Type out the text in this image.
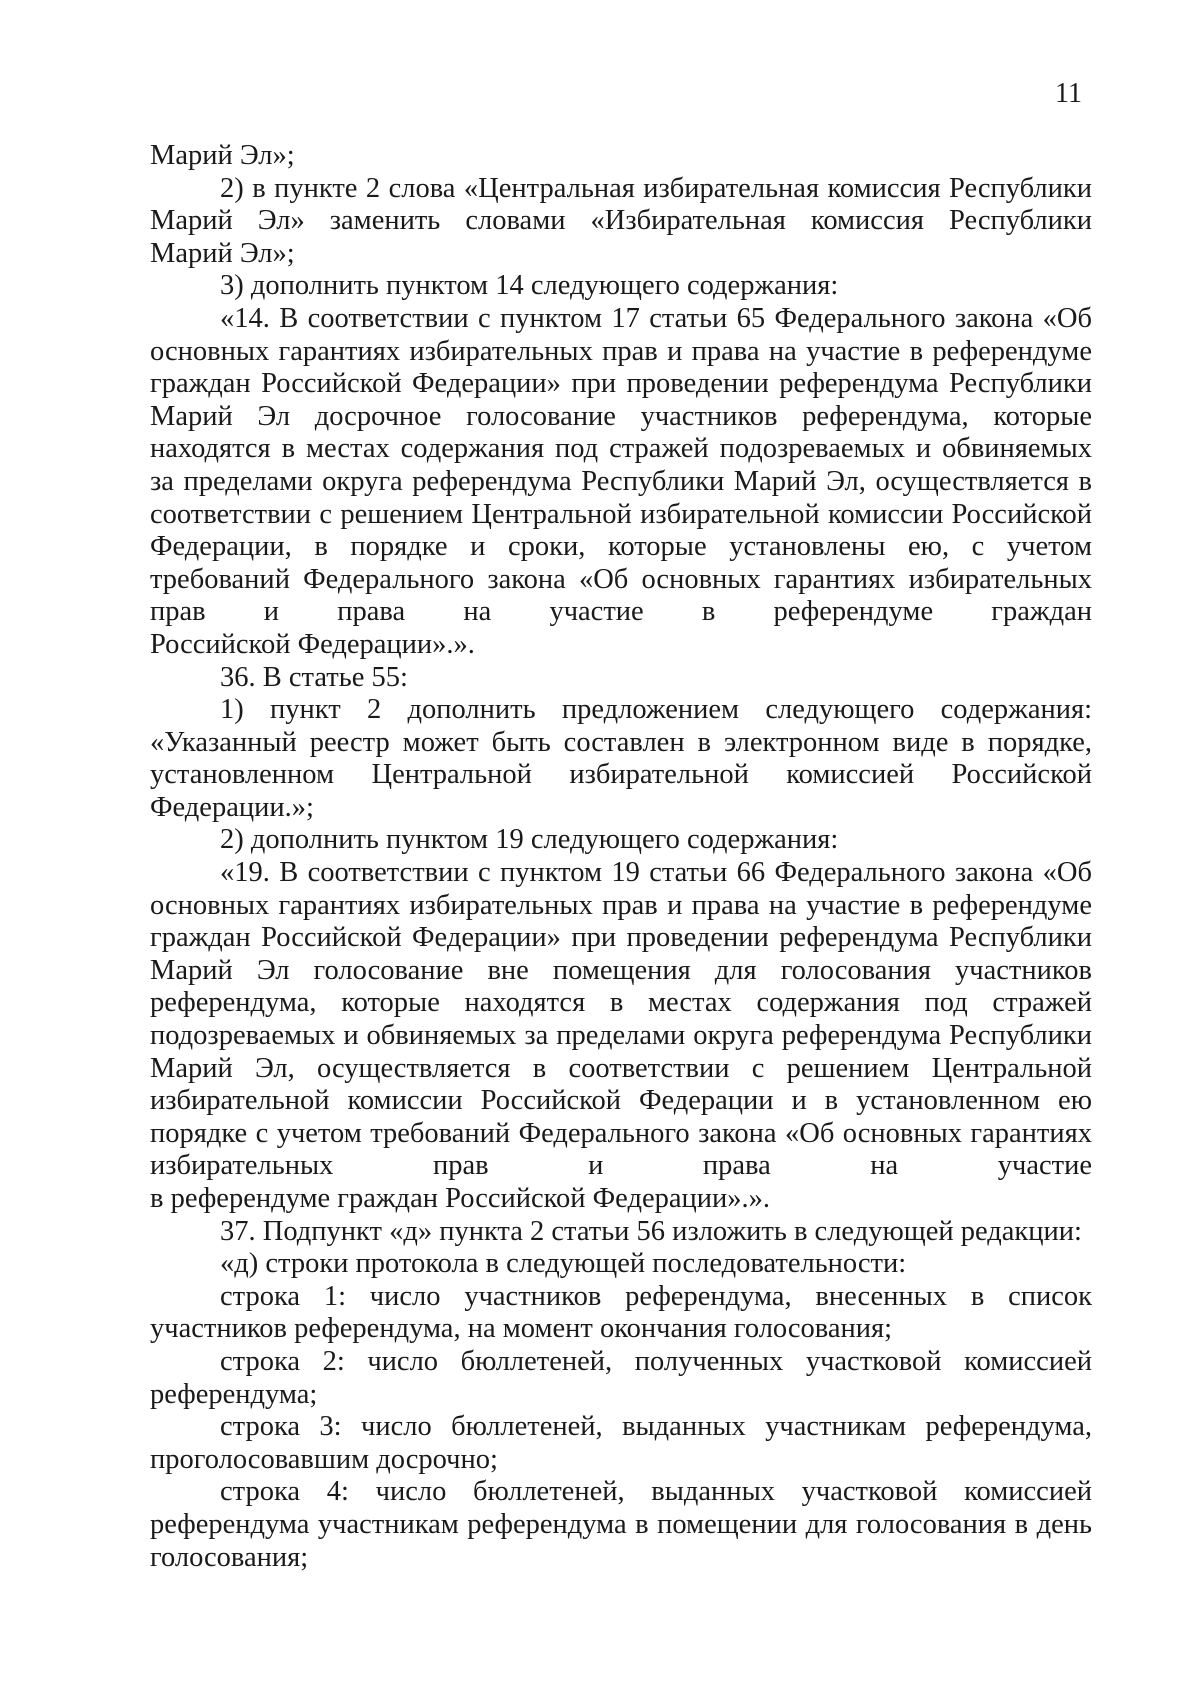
11

Марий Эл»;

2) в пункте 2 слова «Центральная избирательная комиссия Республики Марий Эл» заменить словами «Избирательная комиссия Республики

Марий Эл»;

3) дополнить пунктом 14 следующего содержания:

«14. В соответствии с пунктом 17 статьи 65 Федерального закона «Об основных гарантиях избирательных прав и права на участие в референдуме граждан Российской Федерации» при проведении референдума Республики Марий Эл досрочное голосование участников референдума, которые находятся в местах содержания под стражей подозреваемых и обвиняемых за пределами округа референдума Республики Марий Эл, осуществляется в соответствии с решением Центральной избирательной комиссии Российской Федерации, в порядке и сроки, которые установлены ею, с учетом требований Федерального закона «Об основных гарантиях избирательных прав и права на участие в референдуме граждан

Российской Федерации».».

36. В статье 55:

1) пункт 2 дополнить предложением следующего содержания: «Указанный реестр может быть составлен в электронном виде в порядке, установленном Центральной избирательной комиссией Российской

Федерации.»;

2) дополнить пунктом 19 следующего содержания:

«19. В соответствии с пунктом 19 статьи 66 Федерального закона «Об основных гарантиях избирательных прав и права на участие в референдуме граждан Российской Федерации» при проведении референдума Республики Марий Эл голосование вне помещения для голосования участников референдума, которые находятся в местах содержания под стражей подозреваемых и обвиняемых за пределами округа референдума Республики Марий Эл, осуществляется в соответствии с решением Центральной избирательной комиссии Российской Федерации и в установленном ею порядке с учетом требований Федерального закона «Об основных гарантиях избирательных прав и права на участие

в референдуме граждан Российской Федерации».».

37. Подпункт «д» пункта 2 статьи 56 изложить в следующей редакции:

«д) строки протокола в следующей последовательности:

строка 1: число участников референдума, внесенных в список участников референдума, на момент окончания голосования;

строка 2: число бюллетеней, полученных участковой комиссией референдума;

строка 3: число бюллетеней, выданных участникам референдума, проголосовавшим досрочно;

строка 4: число бюллетеней, выданных участковой комиссией референдума участникам референдума в помещении для голосования в день голосования;
